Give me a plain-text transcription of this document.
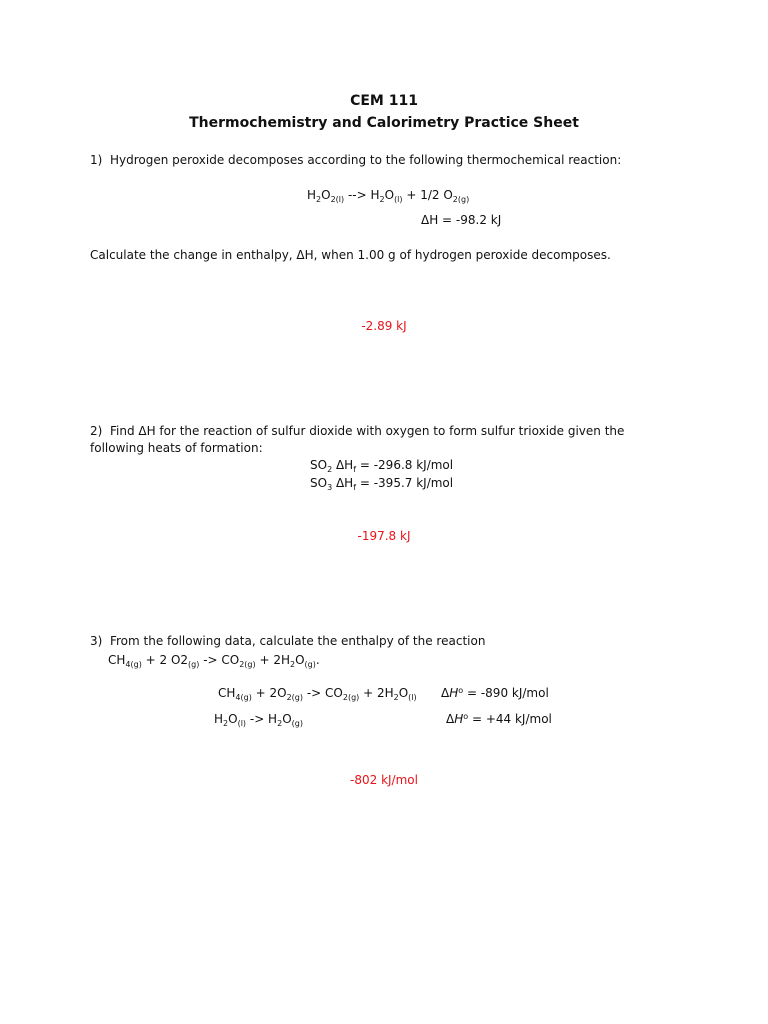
CEM 111
Thermochemistry and Calorimetry Practice Sheet
1) Hydrogen peroxide decomposes according to the following thermochemical reaction:
$H_2O_{2(l)}$ --> $H_2O_{(l)} + 1/2$ $O_{2(g)}$
ΔH = -98.2 kJ
Calculate the change in enthalpy, ΔH, when 1.00 g of hydrogen peroxide decomposes.
-2.89 kJ
2) Find ΔH for the reaction of sulfur dioxide with oxygen to form sulfur trioxide given the
following heats of formation:
$SO_2$ $\Delta H_f = -296.8$ kJ/mol
$SO_3$ $\Delta H_f = -395.7$ kJ/mol
-197.8 kJ
3) From the following data, calculate the enthalpy of the reaction
$CH_{4(g)} + 2$ $O2_{(g)} -> CO_{2(g)} + 2H_2O_{(g)}$.
$CH_{4(g)} + 2O_{2(g)} -> CO_{2(g)} + 2H_2O_{(l)}$ $\Delta H^o = -890$ kJ/mol
$H_2O_{(l)} -> H_2O_{(g)}$	$\Delta H^o = +44$ kJ/mol
-802 kJ/mol
